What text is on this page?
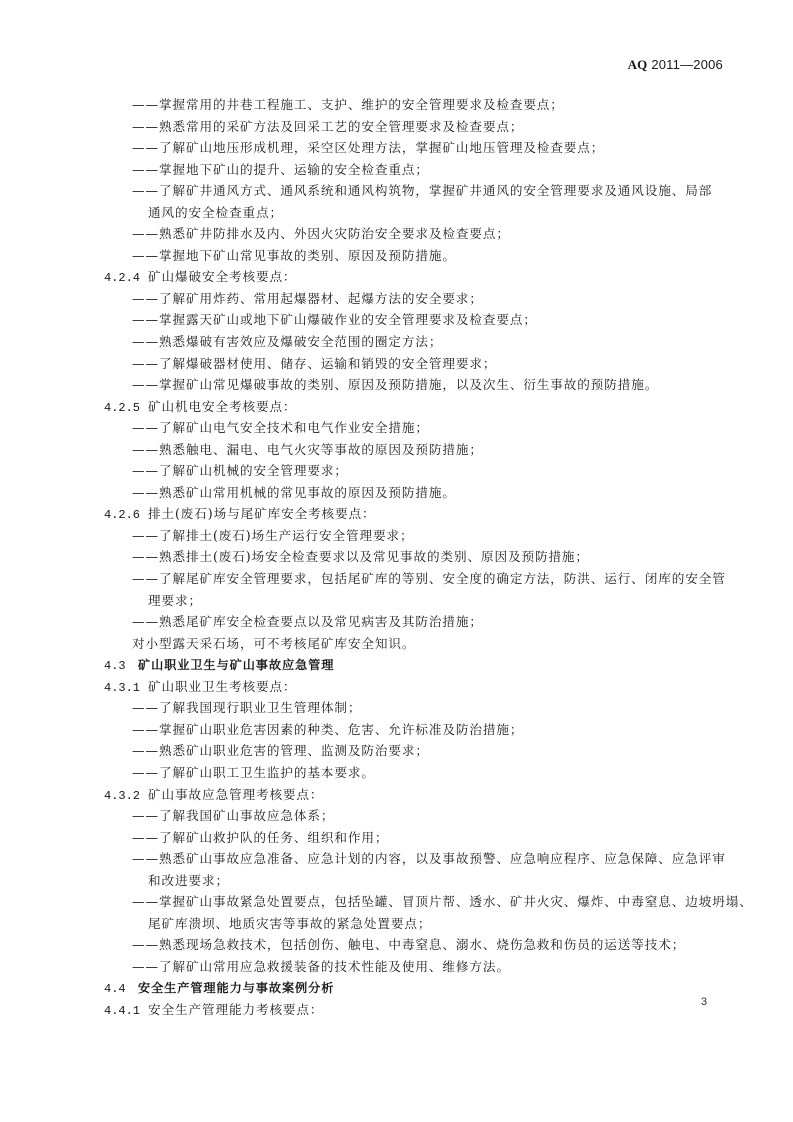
AQ 2011—2006
——掌握常用的井巷工程施工、支护、维护的安全管理要求及检查要点；
——熟悉常用的采矿方法及回采工艺的安全管理要求及检查要点；
——了解矿山地压形成机理，采空区处理方法，掌握矿山地压管理及检查要点；
——掌握地下矿山的提升、运输的安全检查重点；
——了解矿井通风方式、通风系统和通风构筑物，掌握矿井通风的安全管理要求及通风设施、局部
通风的安全检查重点；
——熟悉矿井防排水及内、外因火灾防治安全要求及检查要点；
——掌握地下矿山常见事故的类别、原因及预防措施。
4.2.4 矿山爆破安全考核要点：
——了解矿用炸药、常用起爆器材、起爆方法的安全要求；
——掌握露天矿山或地下矿山爆破作业的安全管理要求及检查要点；
——熟悉爆破有害效应及爆破安全范围的圈定方法；
——了解爆破器材使用、储存、运输和销毁的安全管理要求；
——掌握矿山常见爆破事故的类别、原因及预防措施，以及次生、衍生事故的预防措施。
4.2.5 矿山机电安全考核要点：
——了解矿山电气安全技术和电气作业安全措施；
——熟悉触电、漏电、电气火灾等事故的原因及预防措施；
——了解矿山机械的安全管理要求；
——熟悉矿山常用机械的常见事故的原因及预防措施。
4.2.6 排土(废石)场与尾矿库安全考核要点：
——了解排土(废石)场生产运行安全管理要求；
——熟悉排土(废石)场安全检查要求以及常见事故的类别、原因及预防措施；
——了解尾矿库安全管理要求，包括尾矿库的等别、安全度的确定方法，防洪、运行、闭库的安全管
理要求；
——熟悉尾矿库安全检查要点以及常见病害及其防治措施；
对小型露天采石场，可不考核尾矿库安全知识。
4.3 矿山职业卫生与矿山事故应急管理
4.3.1 矿山职业卫生考核要点：
——了解我国现行职业卫生管理体制；
——掌握矿山职业危害因素的种类、危害、允许标准及防治措施；
——熟悉矿山职业危害的管理、监测及防治要求；
——了解矿山职工卫生监护的基本要求。
4.3.2 矿山事故应急管理考核要点：
——了解我国矿山事故应急体系；
——了解矿山救护队的任务、组织和作用；
——熟悉矿山事故应急准备、应急计划的内容，以及事故预警、应急响应程序、应急保障、应急评审
和改进要求；
——掌握矿山事故紧急处置要点，包括坠罐、冒顶片帮、透水、矿井火灾、爆炸、中毒窒息、边坡坍塌、
尾矿库溃坝、地质灾害等事故的紧急处置要点；
——熟悉现场急救技术，包括创伤、触电、中毒窒息、溺水、烧伤急救和伤员的运送等技术；
——了解矿山常用应急救援装备的技术性能及使用、维修方法。
4.4 安全生产管理能力与事故案例分析
4.4.1 安全生产管理能力考核要点：	3
